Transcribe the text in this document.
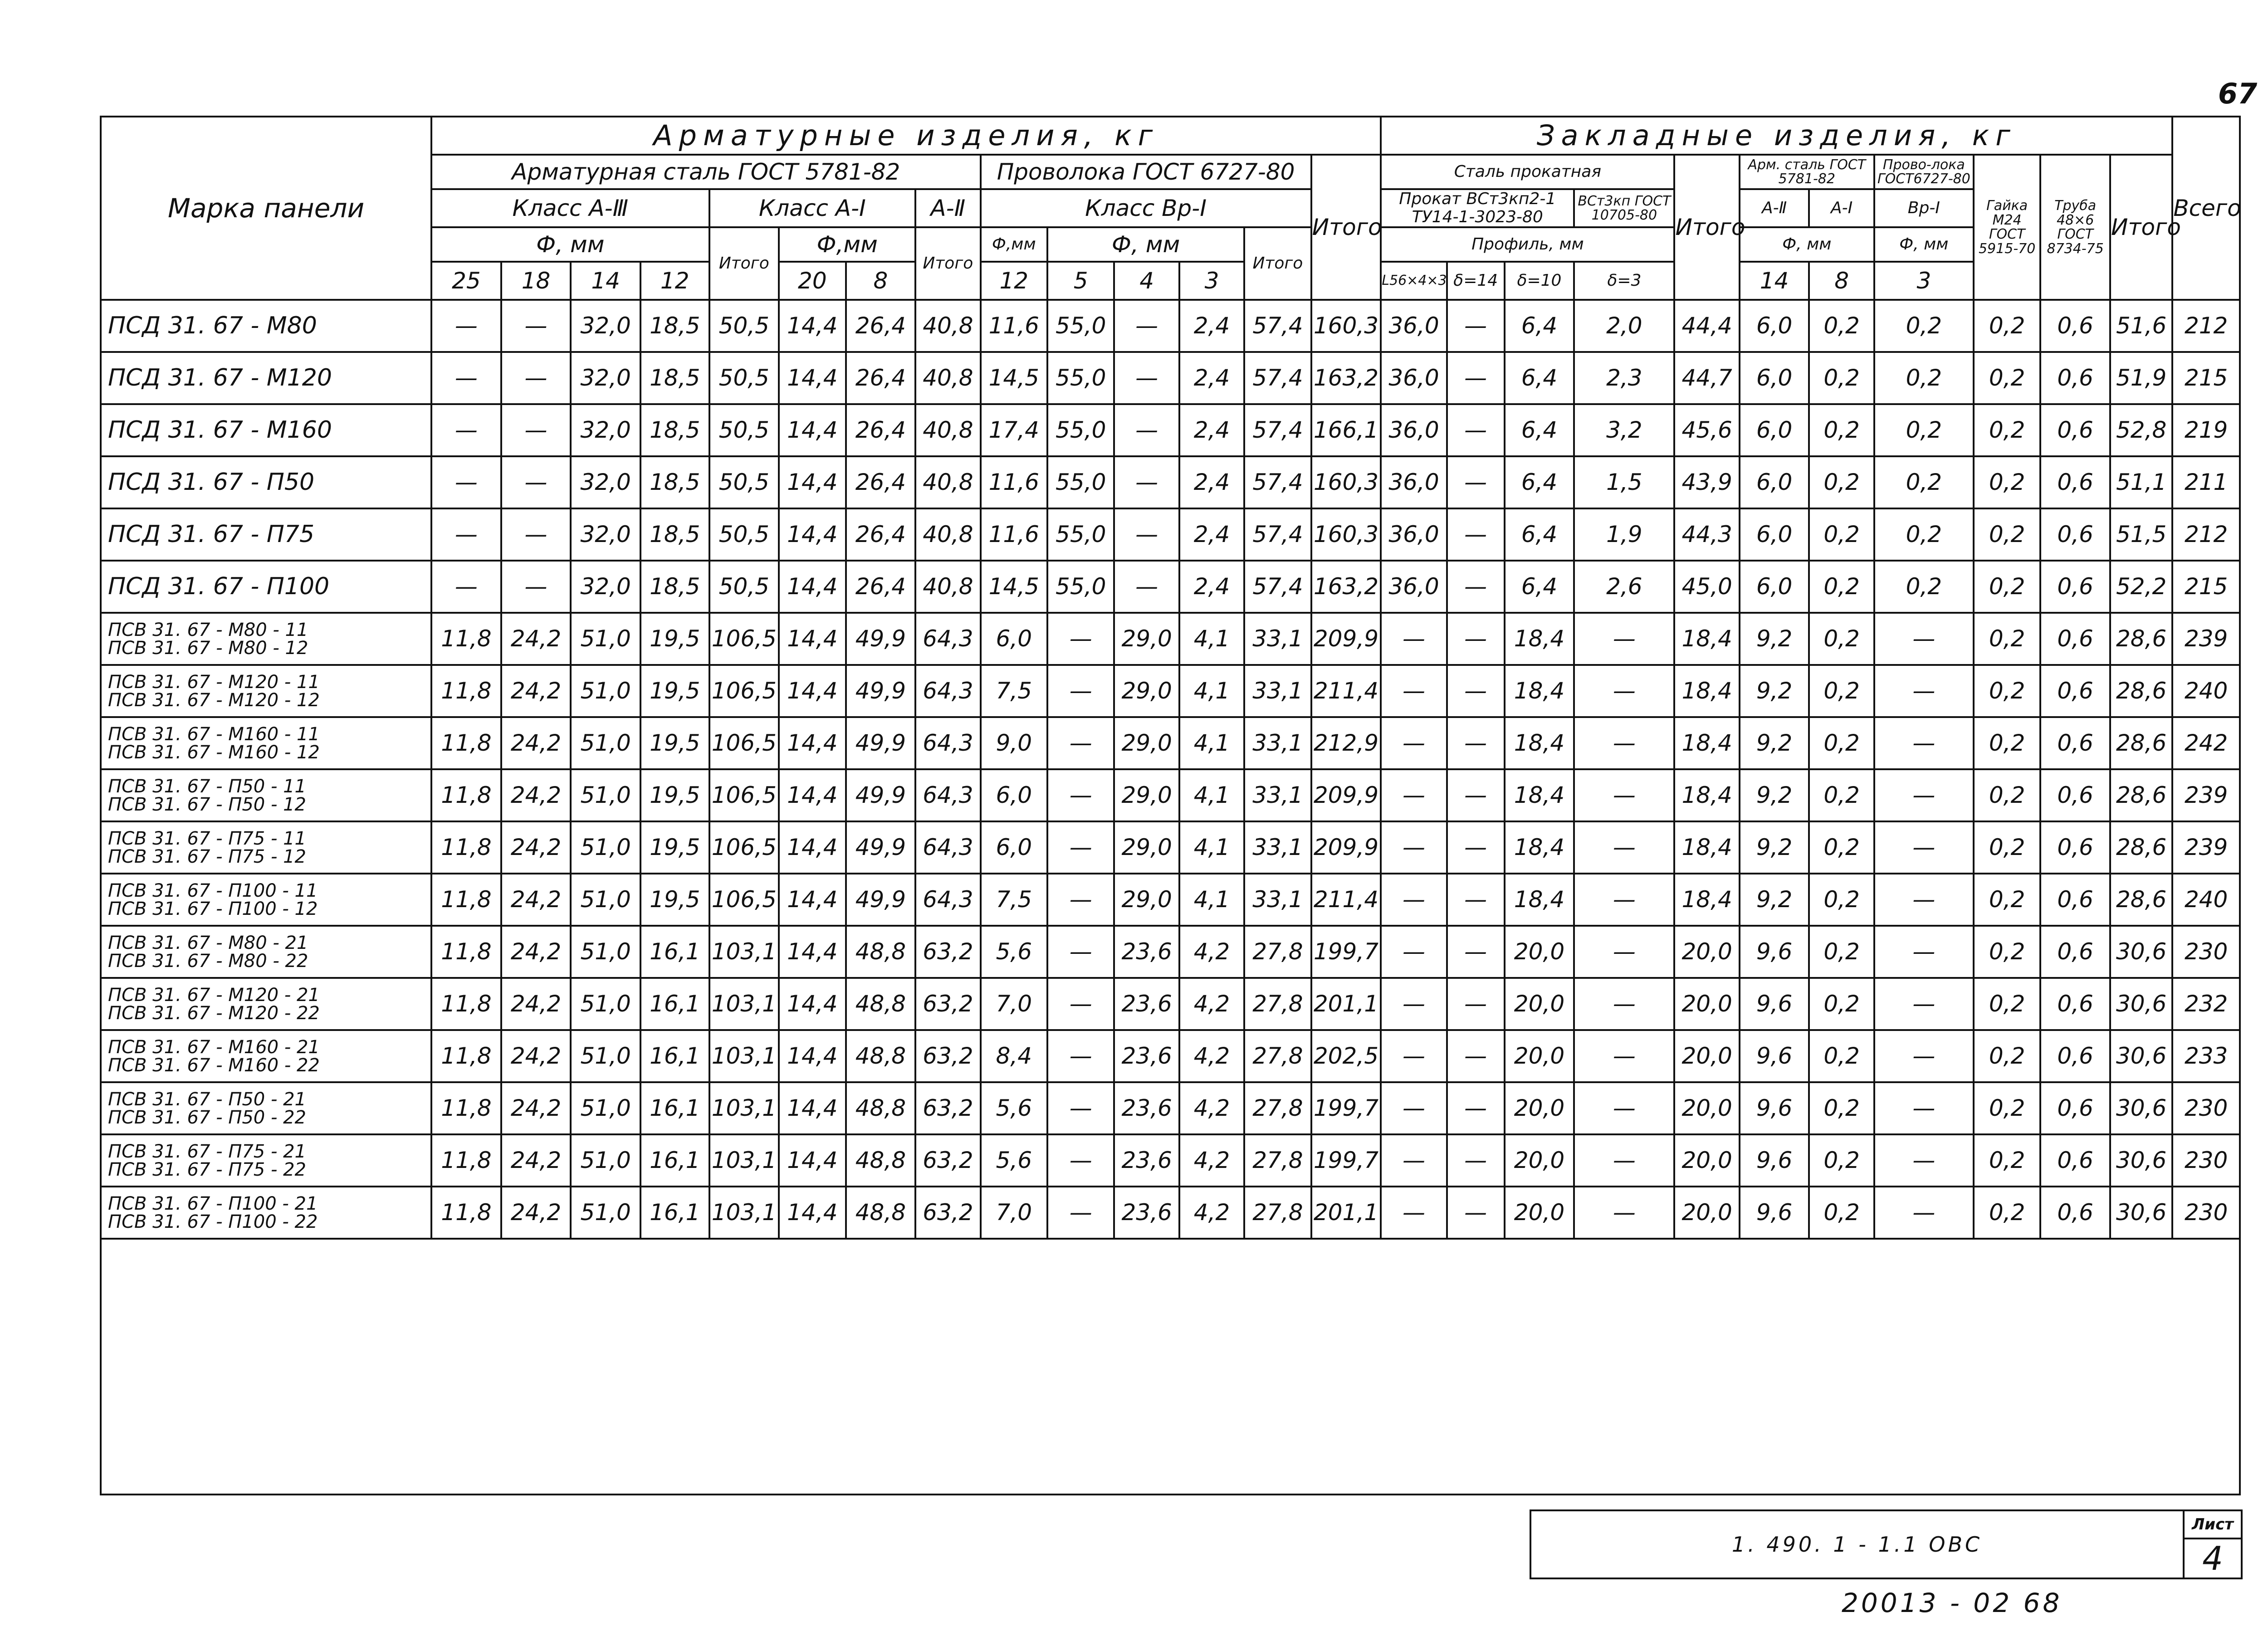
67
Марка панели	Арматурные изделия, кг														Закладные изделия, кг											Всего
	Арматурная сталь ГОСТ 5781-82								Проволока ГОСТ 6727-80					Итого	Сталь прокатная				Итого	Арм. сталь ГОСТ 5781-82		Прово-лока ГОСТ6727-80	Гайка М24 ГОСТ 5915-70	Труба 48×6 ГОСТ 8734-75	Итого	
	Класс А-Ⅲ				Класс А-Ⅰ			А-Ⅱ	Класс Вр-Ⅰ						Прокат ВСт3кп2-1 ТУ14-1-3023-80			ВСт3кп ГОСТ 10705-80		А-Ⅱ	А-Ⅰ	Вр-Ⅰ				
	Ф, мм				Итого	Ф,мм		Итого	Ф,мм	Ф, мм			Итого		Профиль, мм					Ф, мм		Ф, мм				
	25	18	14	12		20	8		12	5	4	3			L56×4×3	δ=14	δ=10	δ=3		14	8	3				

ПСД 31. 67 - М80	—	—	32,0	18,5	50,5	14,4	26,4	40,8	11,6	55,0	—	2,4	57,4	160,3	36,0	—	6,4	2,0	44,4	6,0	0,2	0,2	0,2	0,6	51,6	212

ПСД 31. 67 - М120	—	—	32,0	18,5	50,5	14,4	26,4	40,8	14,5	55,0	—	2,4	57,4	163,2	36,0	—	6,4	2,3	44,7	6,0	0,2	0,2	0,2	0,6	51,9	215

ПСД 31. 67 - М160	—	—	32,0	18,5	50,5	14,4	26,4	40,8	17,4	55,0	—	2,4	57,4	166,1	36,0	—	6,4	3,2	45,6	6,0	0,2	0,2	0,2	0,6	52,8	219

ПСД 31. 67 - П50	—	—	32,0	18,5	50,5	14,4	26,4	40,8	11,6	55,0	—	2,4	57,4	160,3	36,0	—	6,4	1,5	43,9	6,0	0,2	0,2	0,2	0,6	51,1	211

ПСД 31. 67 - П75	—	—	32,0	18,5	50,5	14,4	26,4	40,8	11,6	55,0	—	2,4	57,4	160,3	36,0	—	6,4	1,9	44,3	6,0	0,2	0,2	0,2	0,6	51,5	212

ПСД 31. 67 - П100	—	—	32,0	18,5	50,5	14,4	26,4	40,8	14,5	55,0	—	2,4	57,4	163,2	36,0	—	6,4	2,6	45,0	6,0	0,2	0,2	0,2	0,6	52,2	215

ПСВ 31. 67 - М80 - 11
ПСВ 31. 67 - М80 - 12	11,8	24,2	51,0	19,5	106,5	14,4	49,9	64,3	6,0	—	29,0	4,1	33,1	209,9	—	—	18,4	—	18,4	9,2	0,2	—	0,2	0,6	28,6	239

ПСВ 31. 67 - М120 - 11
ПСВ 31. 67 - М120 - 12	11,8	24,2	51,0	19,5	106,5	14,4	49,9	64,3	7,5	—	29,0	4,1	33,1	211,4	—	—	18,4	—	18,4	9,2	0,2	—	0,2	0,6	28,6	240

ПСВ 31. 67 - М160 - 11
ПСВ 31. 67 - М160 - 12	11,8	24,2	51,0	19,5	106,5	14,4	49,9	64,3	9,0	—	29,0	4,1	33,1	212,9	—	—	18,4	—	18,4	9,2	0,2	—	0,2	0,6	28,6	242

ПСВ 31. 67 - П50 - 11
ПСВ 31. 67 - П50 - 12	11,8	24,2	51,0	19,5	106,5	14,4	49,9	64,3	6,0	—	29,0	4,1	33,1	209,9	—	—	18,4	—	18,4	9,2	0,2	—	0,2	0,6	28,6	239

ПСВ 31. 67 - П75 - 11
ПСВ 31. 67 - П75 - 12	11,8	24,2	51,0	19,5	106,5	14,4	49,9	64,3	6,0	—	29,0	4,1	33,1	209,9	—	—	18,4	—	18,4	9,2	0,2	—	0,2	0,6	28,6	239

ПСВ 31. 67 - П100 - 11
ПСВ 31. 67 - П100 - 12	11,8	24,2	51,0	19,5	106,5	14,4	49,9	64,3	7,5	—	29,0	4,1	33,1	211,4	—	—	18,4	—	18,4	9,2	0,2	—	0,2	0,6	28,6	240

ПСВ 31. 67 - М80 - 21
ПСВ 31. 67 - М80 - 22	11,8	24,2	51,0	16,1	103,1	14,4	48,8	63,2	5,6	—	23,6	4,2	27,8	199,7	—	—	20,0	—	20,0	9,6	0,2	—	0,2	0,6	30,6	230

ПСВ 31. 67 - М120 - 21
ПСВ 31. 67 - М120 - 22	11,8	24,2	51,0	16,1	103,1	14,4	48,8	63,2	7,0	—	23,6	4,2	27,8	201,1	—	—	20,0	—	20,0	9,6	0,2	—	0,2	0,6	30,6	232

ПСВ 31. 67 - М160 - 21
ПСВ 31. 67 - М160 - 22	11,8	24,2	51,0	16,1	103,1	14,4	48,8	63,2	8,4	—	23,6	4,2	27,8	202,5	—	—	20,0	—	20,0	9,6	0,2	—	0,2	0,6	30,6	233

ПСВ 31. 67 - П50 - 21
ПСВ 31. 67 - П50 - 22	11,8	24,2	51,0	16,1	103,1	14,4	48,8	63,2	5,6	—	23,6	4,2	27,8	199,7	—	—	20,0	—	20,0	9,6	0,2	—	0,2	0,6	30,6	230

ПСВ 31. 67 - П75 - 21
ПСВ 31. 67 - П75 - 22	11,8	24,2	51,0	16,1	103,1	14,4	48,8	63,2	5,6	—	23,6	4,2	27,8	199,7	—	—	20,0	—	20,0	9,6	0,2	—	0,2	0,6	30,6	230

ПСВ 31. 67 - П100 - 21
ПСВ 31. 67 - П100 - 22	11,8	24,2	51,0	16,1	103,1	14,4	48,8	63,2	7,0	—	23,6	4,2	27,8	201,1	—	—	20,0	—	20,0	9,6	0,2	—	0,2	0,6	30,6	230

1. 490. 1 - 1.1 ОВС	Лист
4
20013 - 02 68
